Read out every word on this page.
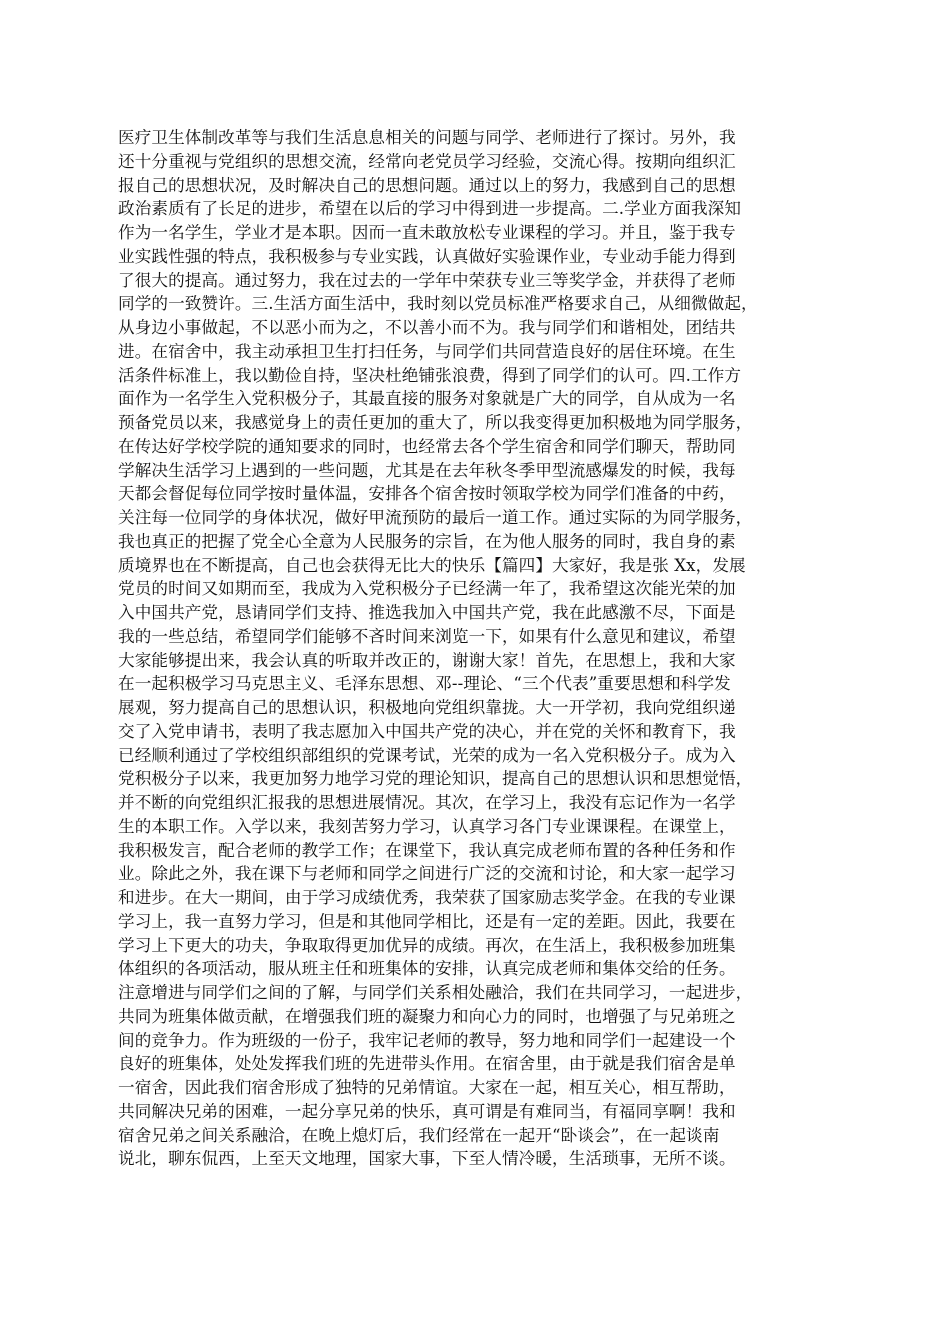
医疗卫生体制改革等与我们生活息息相关的问题与同学、老师进行了探讨。另外，我
还十分重视与党组织的思想交流，经常向老党员学习经验，交流心得。按期向组织汇
报自己的思想状况，及时解决自己的思想问题。通过以上的努力，我感到自己的思想
政治素质有了长足的进步，希望在以后的学习中得到进一步提高。二.学业方面我深知
作为一名学生，学业才是本职。因而一直未敢放松专业课程的学习。并且，鉴于我专
业实践性强的特点，我积极参与专业实践，认真做好实验课作业，专业动手能力得到
了很大的提高。通过努力，我在过去的一学年中荣获专业三等奖学金，并获得了老师
同学的一致赞许。三.生活方面生活中，我时刻以党员标准严格要求自己，从细微做起，
从身边小事做起，不以恶小而为之，不以善小而不为。我与同学们和谐相处，团结共
进。在宿舍中，我主动承担卫生打扫任务，与同学们共同营造良好的居住环境。在生
活条件标准上，我以勤俭自持，坚决杜绝铺张浪费，得到了同学们的认可。四.工作方
面作为一名学生入党积极分子，其最直接的服务对象就是广大的同学，自从成为一名
预备党员以来，我感觉身上的责任更加的重大了，所以我变得更加积极地为同学服务，
在传达好学校学院的通知要求的同时，也经常去各个学生宿舍和同学们聊天，帮助同
学解决生活学习上遇到的一些问题，尤其是在去年秋冬季甲型流感爆发的时候，我每
天都会督促每位同学按时量体温，安排各个宿舍按时领取学校为同学们准备的中药，
关注每一位同学的身体状况，做好甲流预防的最后一道工作。通过实际的为同学服务，
我也真正的把握了党全心全意为人民服务的宗旨，在为他人服务的同时，我自身的素
质境界也在不断提高，自己也会获得无比大的快乐【篇四】大家好，我是张 Xx，发展
党员的时间又如期而至，我成为入党积极分子已经满一年了，我希望这次能光荣的加
入中国共产党，恳请同学们支持、推选我加入中国共产党，我在此感激不尽，下面是
我的一些总结，希望同学们能够不吝时间来浏览一下，如果有什么意见和建议，希望
大家能够提出来，我会认真的听取并改正的，谢谢大家！首先，在思想上，我和大家
在一起积极学习马克思主义、毛泽东思想、邓--理论、“三个代表”重要思想和科学发
展观，努力提高自己的思想认识，积极地向党组织靠拢。大一开学初，我向党组织递
交了入党申请书，表明了我志愿加入中国共产党的决心，并在党的关怀和教育下，我
已经顺利通过了学校组织部组织的党课考试，光荣的成为一名入党积极分子。成为入
党积极分子以来，我更加努力地学习党的理论知识，提高自己的思想认识和思想觉悟，
并不断的向党组织汇报我的思想进展情况。其次，在学习上，我没有忘记作为一名学
生的本职工作。入学以来，我刻苦努力学习，认真学习各门专业课课程。在课堂上，
我积极发言，配合老师的教学工作；在课堂下，我认真完成老师布置的各种任务和作
业。除此之外，我在课下与老师和同学之间进行广泛的交流和讨论，和大家一起学习
和进步。在大一期间，由于学习成绩优秀，我荣获了国家励志奖学金。在我的专业课
学习上，我一直努力学习，但是和其他同学相比，还是有一定的差距。因此，我要在
学习上下更大的功夫，争取取得更加优异的成绩。再次，在生活上，我积极参加班集
体组织的各项活动，服从班主任和班集体的安排，认真完成老师和集体交给的任务。
注意增进与同学们之间的了解，与同学们关系相处融洽，我们在共同学习，一起进步，
共同为班集体做贡献，在增强我们班的凝聚力和向心力的同时，也增强了与兄弟班之
间的竞争力。作为班级的一份子，我牢记老师的教导，努力地和同学们一起建设一个
良好的班集体，处处发挥我们班的先进带头作用。在宿舍里，由于就是我们宿舍是单
一宿舍，因此我们宿舍形成了独特的兄弟情谊。大家在一起，相互关心，相互帮助，
共同解决兄弟的困难，一起分享兄弟的快乐，真可谓是有难同当，有福同享啊！我和
宿舍兄弟之间关系融洽，在晚上熄灯后，我们经常在一起开“卧谈会”，在一起谈南
说北，聊东侃西，上至天文地理，国家大事，下至人情冷暖，生活琐事，无所不谈。
